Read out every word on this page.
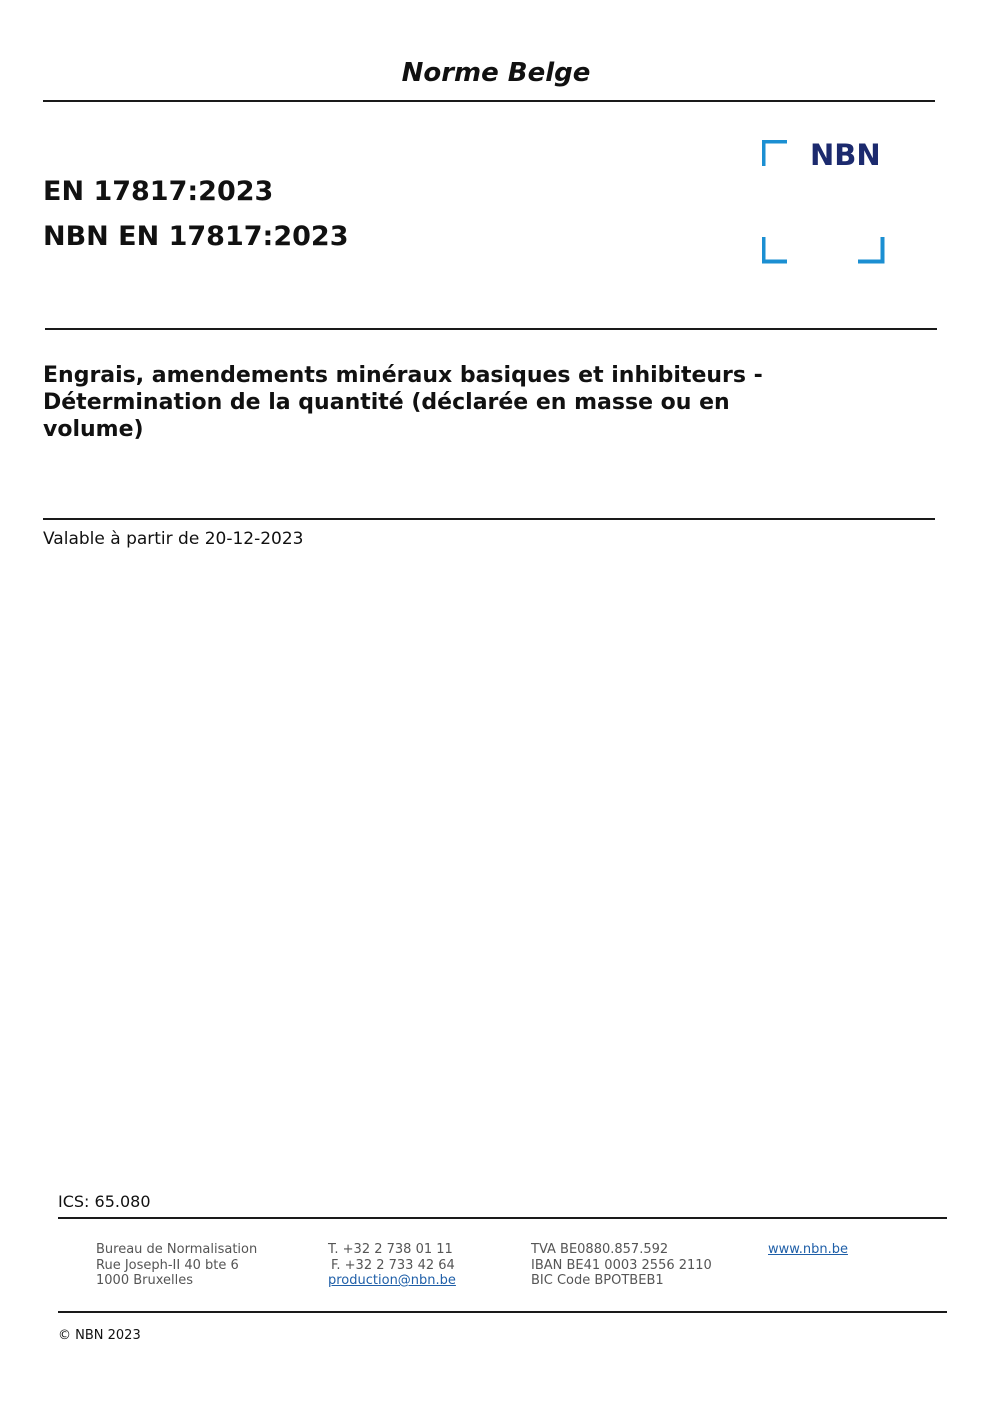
Norme Belge
EN 17817:2023
NBN EN 17817:2023
NBN
Engrais, amendements minéraux basiques et inhibiteurs -
Détermination de la quantité (déclarée en masse ou en
volume)
Valable à partir de 20-12-2023
ICS: 65.080
Bureau de Normalisation
Rue Joseph-II 40 bte 6
1000 Bruxelles
T. +32 2 738 01 11
F. +32 2 733 42 64
production@nbn.be
TVA BE0880.857.592
IBAN BE41 0003 2556 2110
BIC Code BPOTBEB1
www.nbn.be
© NBN 2023
